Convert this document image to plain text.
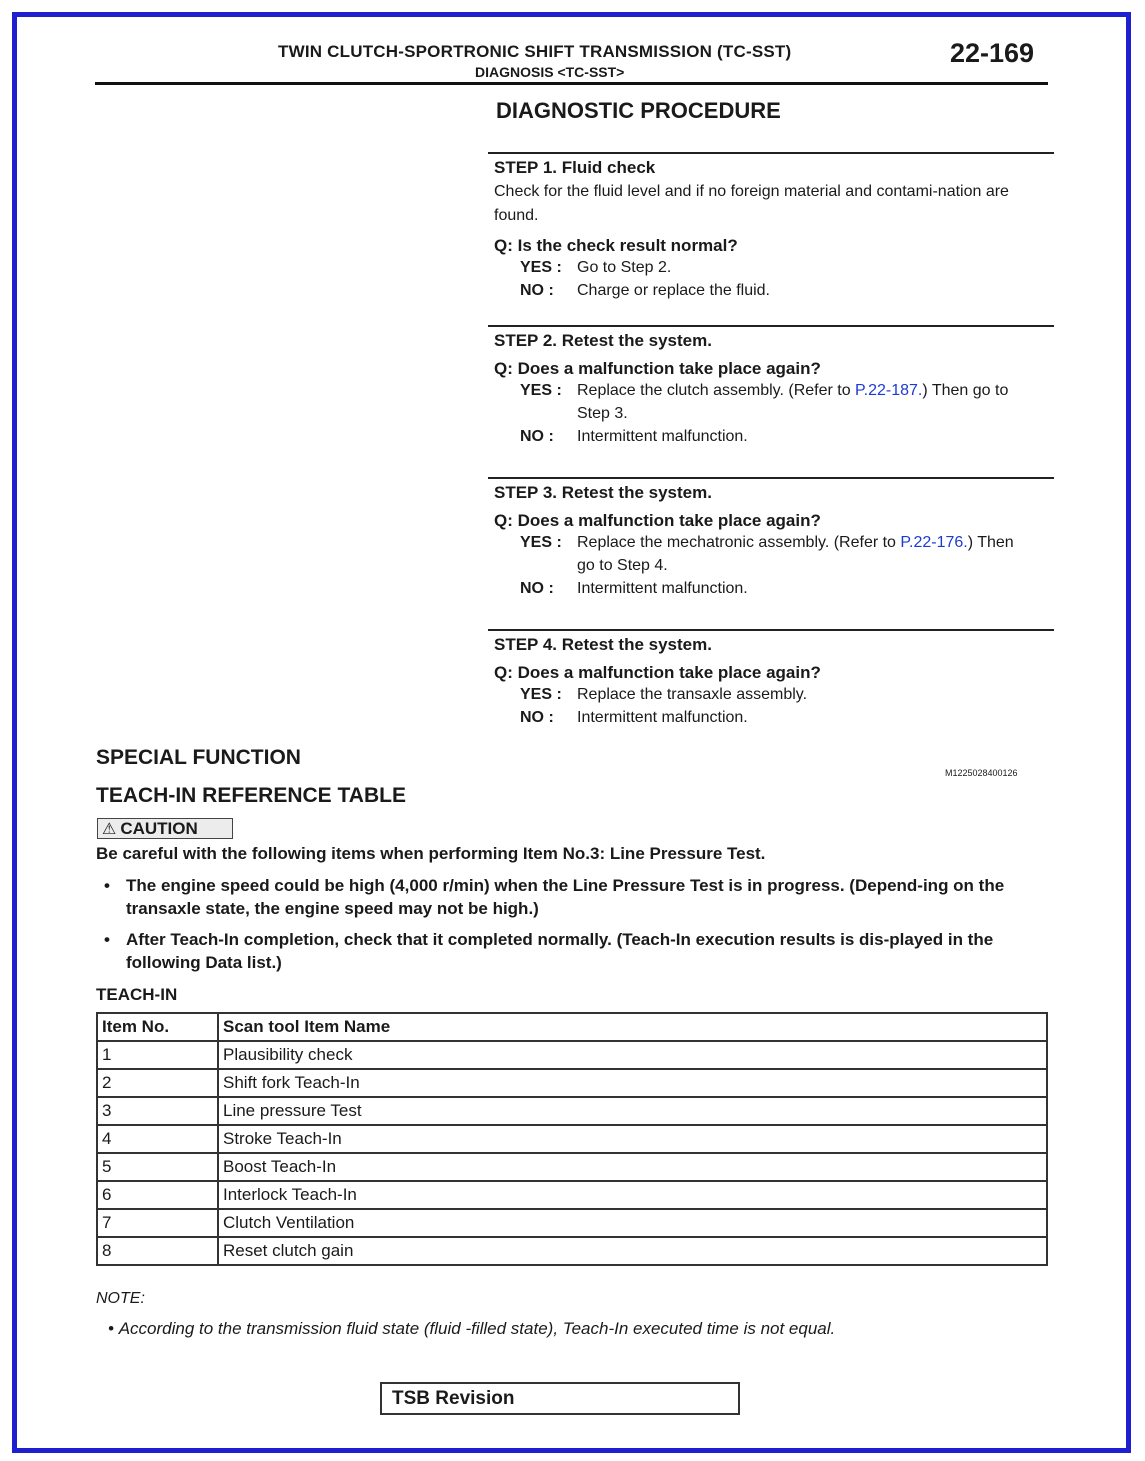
TWIN CLUTCH-SPORTRONIC SHIFT TRANSMISSION (TC-SST)
DIAGNOSIS <TC-SST>
22-169
DIAGNOSTIC PROCEDURE
STEP 1. Fluid check
Check for the fluid level and if no foreign material and contami-nation are found.
Q: Is the check result normal?
YES : Go to Step 2.
NO :	Charge or replace the fluid.
STEP 2. Retest the system.
Q: Does a malfunction take place again?
YES : Replace the clutch assembly. (Refer to P.22-187.) Then go to Step 3.
NO :	Intermittent malfunction.
STEP 3. Retest the system.
Q: Does a malfunction take place again?
YES : Replace the mechatronic assembly. (Refer to P.22-176.) Then go to Step 4.
NO :	Intermittent malfunction.
STEP 4. Retest the system.
Q: Does a malfunction take place again?
YES : Replace the transaxle assembly.
NO :	Intermittent malfunction.
SPECIAL FUNCTION
M1225028400126
TEACH-IN REFERENCE TABLE
⚠ CAUTION
Be careful with the following items when performing Item No.3: Line Pressure Test.
• The engine speed could be high (4,000 r/min) when the Line Pressure Test is in progress. (Depend-ing on the transaxle state, the engine speed may not be high.)
• After Teach-In completion, check that it completed normally. (Teach-In execution results is dis-played in the following Data list.)
TEACH-IN
Item No.	Scan tool Item Name
1	Plausibility check
2	Shift fork Teach-In
3	Line pressure Test
4	Stroke Teach-In
5	Boost Teach-In
6	Interlock Teach-In
7	Clutch Ventilation
8	Reset clutch gain
NOTE:
• According to the transmission fluid state (fluid -filled state), Teach-In executed time is not equal.
TSB Revision
